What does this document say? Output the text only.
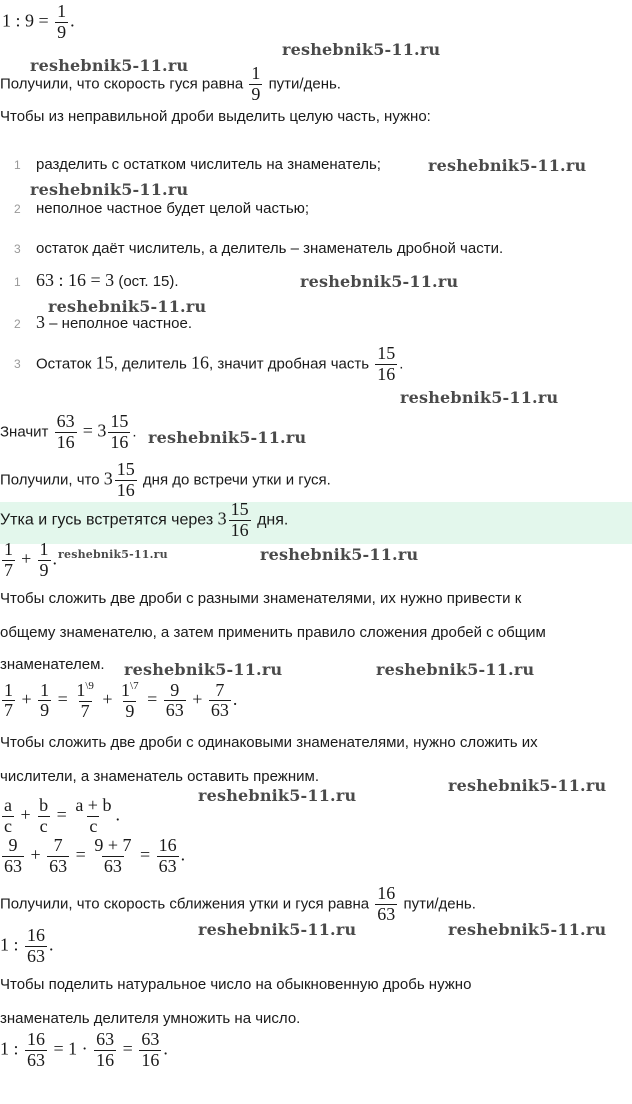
1 : $9 = \frac{1}{9}$ .
Получили, что скорость гуся равна $\frac{1}{9}$ пути/день.
Чтобы из неправильной дроби выделить целую часть, нужно:
1 разделить с остатком числитель на знаменатель;
2 неполное частное будет целой частью;
3 остаток даёт числитель, а делитель – знаменатель дробной части.
1 63 : 16 = 3 (ост. 15).
2 3 – неполное частное.
3 Остаток 15, делитель 16, значит дробная часть $\frac{15}{16}$ .
Значит $\frac{63}{16} = 3 \frac{15}{16}$ .
Получили, что $3 \frac{15}{16}$ дня до встречи утки и гуся.
Утка и гусь встретятся через $3 \frac{15}{16}$ дня.
$\frac{1}{7} + \frac{1}{9}$ .
Чтобы сложить две дроби с разными знаменателями, их нужно привести к
общему знаменателю, а затем применить правило сложения дробей с общим
знаменателем.
$\frac{1}{7} + \frac{1}{9} = \frac{1^{\backslash 9}}{7} + \frac{1^{\backslash 7}}{9} = \frac{9}{63} + \frac{7}{63}$ .
Чтобы сложить две дроби с одинаковыми знаменателями, нужно сложить их
числители, а знаменатель оставить прежним.
$\frac{a}{c} + \frac{b}{c} = \frac{a + b}{c}$ .
$\frac{9}{63} + \frac{7}{63} = \frac{9 + 7}{63} = \frac{16}{63}$ .
Получили, что скорость сближения утки и гуся равна $\frac{16}{63}$ пути/день.
1 : $\frac{16}{63}$ .
Чтобы поделить натуральное число на обыкновенную дробь нужно
знаменатель делителя умножить на число.
1 : $\frac{16}{63} = 1 \cdot \frac{63}{16} = \frac{63}{16}$ .
reshebnik5-11.ru
reshebnik5-11.ru
reshebnik5-11.ru
reshebnik5-11.ru
reshebnik5-11.ru
reshebnik5-11.ru
reshebnik5-11.ru
reshebnik5-11.ru
reshebnik5-11.ru	reshebnik5-11.ru
reshebnik5-11.ru	reshebnik5-11.ru
reshebnik5-11.ru
reshebnik5-11.ru
reshebnik5-11.ru	reshebnik5-11.ru
